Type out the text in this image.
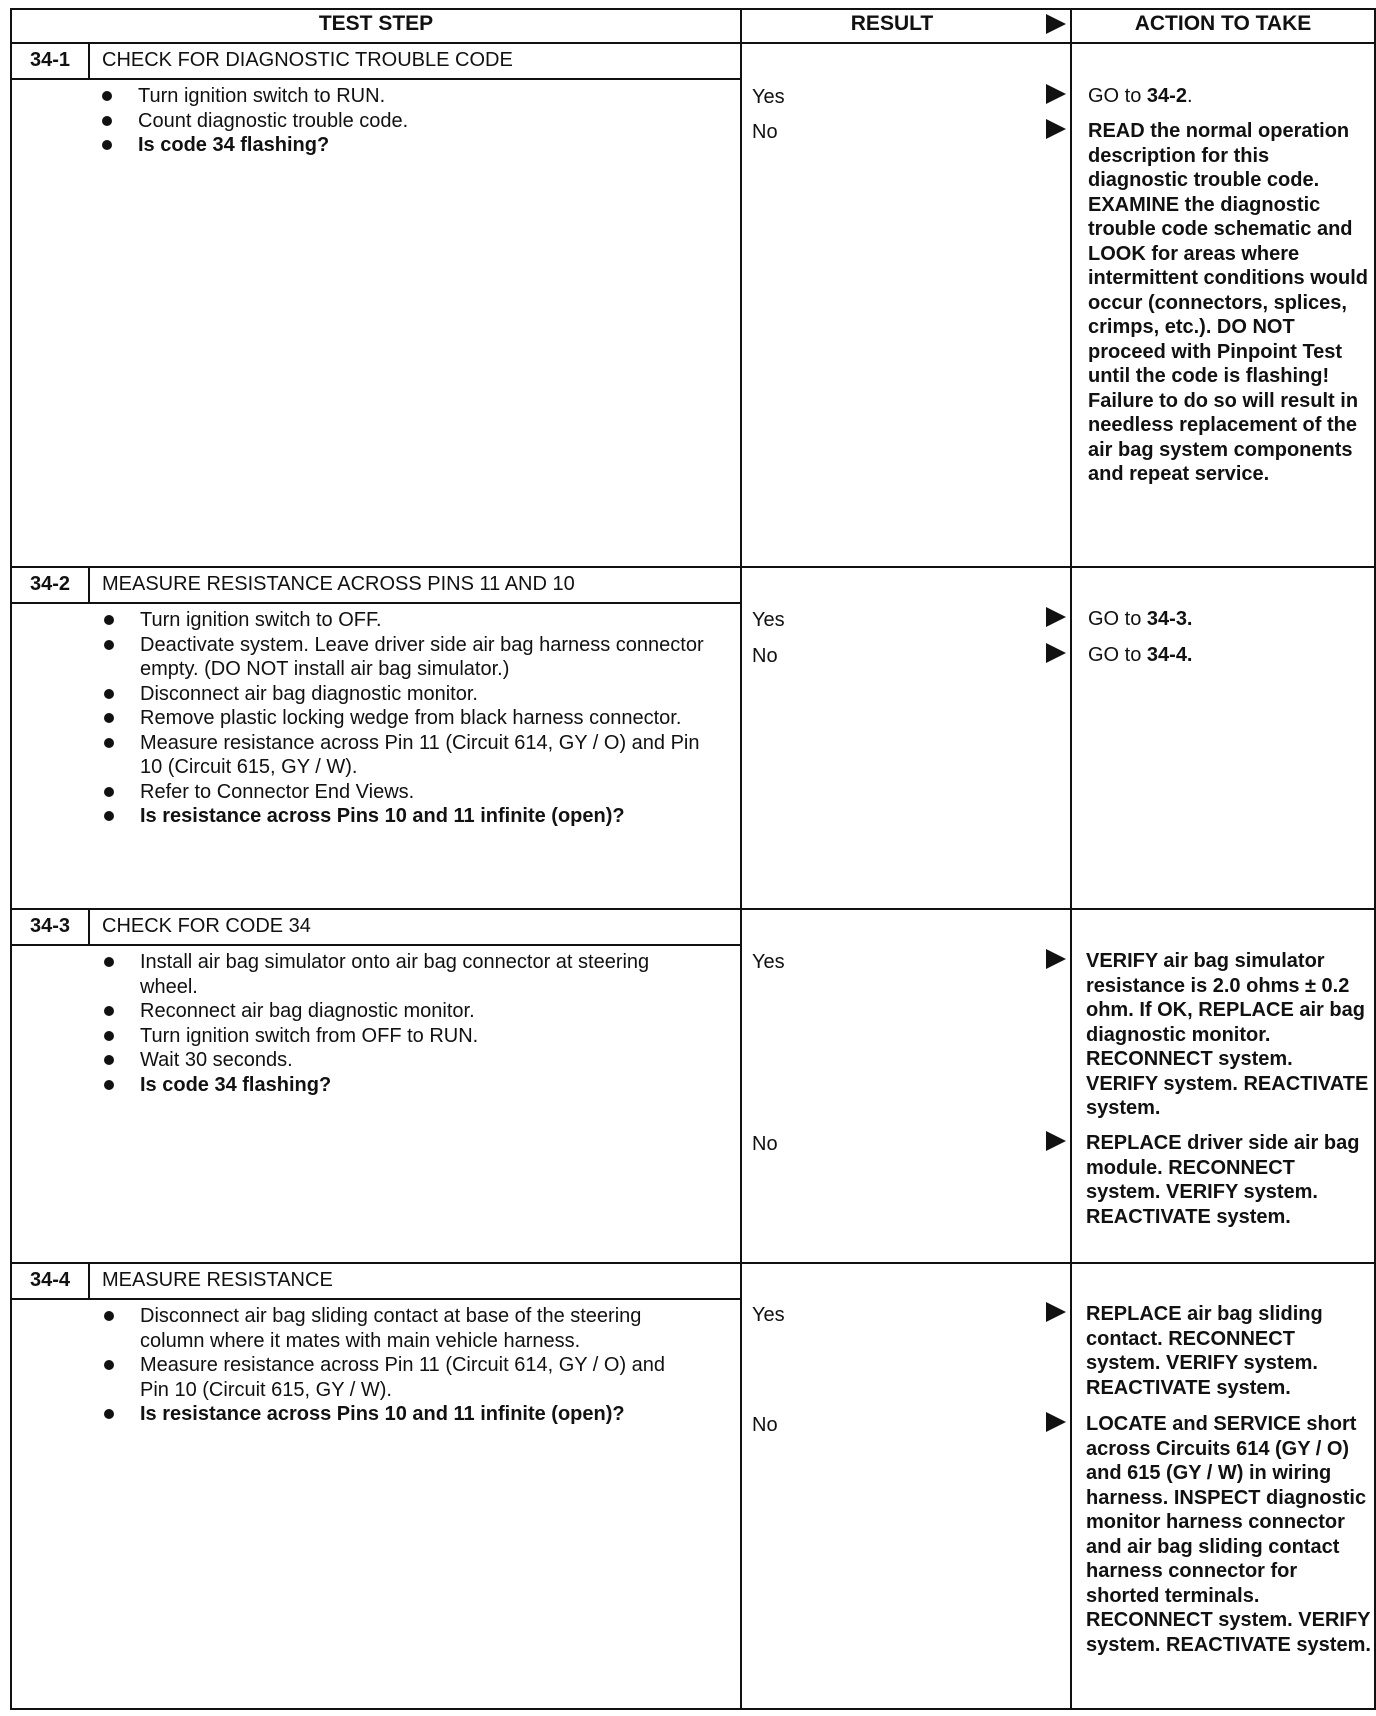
TEST STEP	RESULT	ACTION TO TAKE
34-1	CHECK FOR DIAGNOSTIC TROUBLE CODE
Turn ignition switch to RUN.
Count diagnostic trouble code.
Is code 34 flashing?
Yes	GO to 34-2.
No	READ the normal operation description for this diagnostic trouble code. EXAMINE the diagnostic trouble code schematic and LOOK for areas where intermittent conditions would occur (connectors, splices, crimps, etc.). DO NOT proceed with Pinpoint Test until the code is flashing! Failure to do so will result in needless replacement of the air bag system components and repeat service.
34-2	MEASURE RESISTANCE ACROSS PINS 11 AND 10
Turn ignition switch to OFF.
Deactivate system. Leave driver side air bag harness connector empty. (DO NOT install air bag simulator.)
Disconnect air bag diagnostic monitor.
Remove plastic locking wedge from black harness connector.
Measure resistance across Pin 11 (Circuit 614, GY / O) and Pin 10 (Circuit 615, GY / W).
Refer to Connector End Views.
Is resistance across Pins 10 and 11 infinite (open)?
Yes	GO to 34-3.
No	GO to 34-4.
34-3	CHECK FOR CODE 34
Install air bag simulator onto air bag connector at steering wheel.
Reconnect air bag diagnostic monitor.
Turn ignition switch from OFF to RUN.
Wait 30 seconds.
Is code 34 flashing?
Yes	VERIFY air bag simulator resistance is 2.0 ohms ± 0.2 ohm. If OK, REPLACE air bag diagnostic monitor. RECONNECT system. VERIFY system. REACTIVATE system.
No	REPLACE driver side air bag module. RECONNECT system. VERIFY system. REACTIVATE system.
34-4	MEASURE RESISTANCE
Disconnect air bag sliding contact at base of the steering column where it mates with main vehicle harness.
Measure resistance across Pin 11 (Circuit 614, GY / O) and Pin 10 (Circuit 615, GY / W).
Is resistance across Pins 10 and 11 infinite (open)?
Yes	REPLACE air bag sliding contact. RECONNECT system. VERIFY system. REACTIVATE system.
No	LOCATE and SERVICE short across Circuits 614 (GY / O) and 615 (GY / W) in wiring harness. INSPECT diagnostic monitor harness connector and air bag sliding contact harness connector for shorted terminals. RECONNECT system. VERIFY system. REACTIVATE system.
